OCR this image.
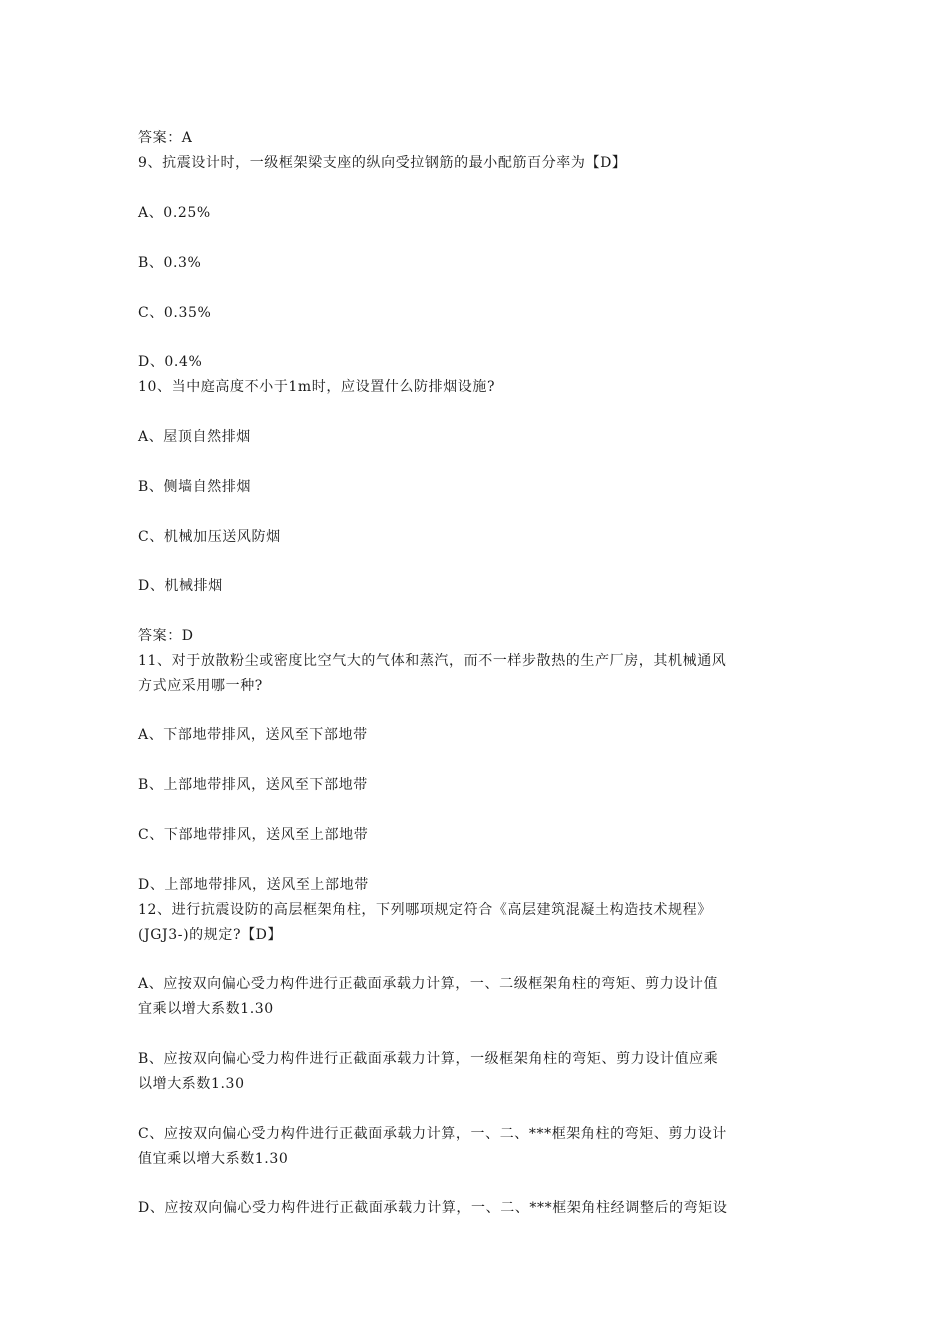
答案：A
9、抗震设计时，一级框架梁支座的纵向受拉钢筋的最小配筋百分率为【D】
A、0.25%
B、0.3%
C、0.35%
D、0.4%
10、当中庭高度不小于1m时，应设置什么防排烟设施?
A、屋顶自然排烟
B、侧墙自然排烟
C、机械加压送风防烟
D、机械排烟
答案：D
11、对于放散粉尘或密度比空气大的气体和蒸汽，而不一样步散热的生产厂房，其机械通风
方式应采用哪一种?
A、下部地带排风，送风至下部地带
B、上部地带排风，送风至下部地带
C、下部地带排风，送风至上部地带
D、上部地带排风，送风至上部地带
12、进行抗震设防的高层框架角柱，下列哪项规定符合《高层建筑混凝土构造技术规程》
(JGJ3-)的规定?【D】
A、应按双向偏心受力构件进行正截面承载力计算，一、二级框架角柱的弯矩、剪力设计值
宜乘以增大系数1.30
B、应按双向偏心受力构件进行正截面承载力计算，一级框架角柱的弯矩、剪力设计值应乘
以增大系数1.30
C、应按双向偏心受力构件进行正截面承载力计算，一、二、***框架角柱的弯矩、剪力设计
值宜乘以增大系数1.30
D、应按双向偏心受力构件进行正截面承载力计算，一、二、***框架角柱经调整后的弯矩设
